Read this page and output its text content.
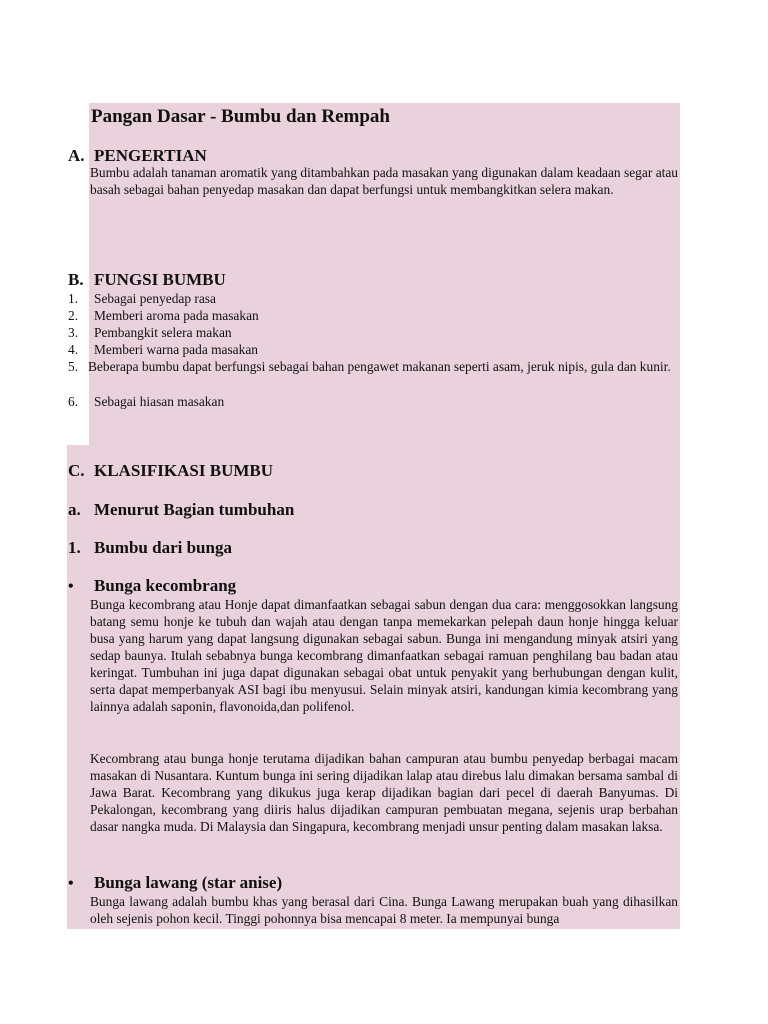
Pangan Dasar - Bumbu dan Rempah
A. PENGERTIAN
Bumbu adalah tanaman aromatik yang ditambahkan pada masakan yang digunakan dalam keadaan segar atau basah sebagai bahan penyedap masakan dan dapat berfungsi untuk membangkitkan selera makan.
B. FUNGSI BUMBU
1. Sebagai penyedap rasa
2. Memberi aroma pada masakan
3. Pembangkit selera makan
4. Memberi warna pada masakan
5. Beberapa bumbu dapat berfungsi sebagai bahan pengawet makanan seperti asam, jeruk nipis, gula dan kunir.
6. Sebagai hiasan masakan
C. KLASIFIKASI BUMBU
a. Menurut Bagian tumbuhan
1. Bumbu dari bunga
• Bunga kecombrang
Bunga kecombrang atau Honje dapat dimanfaatkan sebagai sabun dengan dua cara: menggosokkan langsung batang semu honje ke tubuh dan wajah atau dengan tanpa memekarkan pelepah daun honje hingga keluar busa yang harum yang dapat langsung digunakan sebagai sabun. Bunga ini mengandung minyak atsiri yang sedap baunya. Itulah sebabnya bunga kecombrang dimanfaatkan sebagai ramuan penghilang bau badan atau keringat. Tumbuhan ini juga dapat digunakan sebagai obat untuk penyakit yang berhubungan dengan kulit, serta dapat memperbanyak ASI bagi ibu menyusui. Selain minyak atsiri, kandungan kimia kecombrang yang lainnya adalah saponin, flavonoida,dan polifenol.
Kecombrang atau bunga honje terutama dijadikan bahan campuran atau bumbu penyedap berbagai macam masakan di Nusantara. Kuntum bunga ini sering dijadikan lalap atau direbus lalu dimakan bersama sambal di Jawa Barat. Kecombrang yang dikukus juga kerap dijadikan bagian dari pecel di daerah Banyumas. Di Pekalongan, kecombrang yang diiris halus dijadikan campuran pembuatan megana, sejenis urap berbahan dasar nangka muda. Di Malaysia dan Singapura, kecombrang menjadi unsur penting dalam masakan laksa.
• Bunga lawang (star anise)
Bunga lawang adalah bumbu khas yang berasal dari Cina. Bunga Lawang merupakan buah yang dihasilkan oleh sejenis pohon kecil. Tinggi pohonnya bisa mencapai 8 meter. Ia mempunyai bunga
